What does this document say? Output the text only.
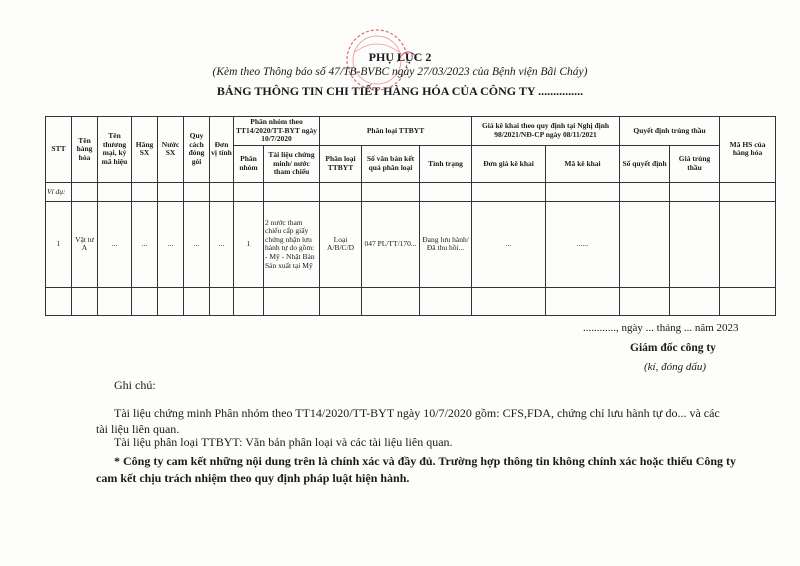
PHỤ LỤC 2
(Kèm theo Thông báo số 47/TB-BVBC ngày 27/03/2023 của Bệnh viện Bãi Cháy)
BẢNG THÔNG TIN CHI TIẾT HÀNG HÓA CỦA CÔNG TY ...............
STT	Tên hàng hóa	Tên thương mại, ký mã hiệu	Hãng SX	Nước SX	Quy cách đóng gói	Đơn vị tính	Phân nhóm theo TT14/2020/TT-BYT ngày 10/7/2020		Phân loại TTBYT			Giá kê khai theo quy định tại Nghị định 98/2021/NĐ-CP ngày 08/11/2021		Quyết định trúng thầu		Mã HS của hàng hóa
							Phân nhóm	Tài liệu chứng minh/ nước tham chiếu	Phân loại TTBYT	Số văn bản kết quả phân loại	Tình trạng	Đơn giá kê khai	Mã kê khai	Số quyết định	Giá trúng thầu	
Ví dụ:																
1	Vật tư A	...	...	...	...	...	1	2 nước tham chiếu cấp giấy chứng nhận lưu hành tự do gồm: - Mỹ - Nhật Bản Sản xuất tại Mỹ	Loại A/B/C/D	047 PL/TT/170...	Đang lưu hành/ Đã thu hồi...	...	......			

............, ngày ... tháng ... năm 2023
Giám đốc công ty
(kí, đóng dấu)

Ghi chú:

Tài liệu chứng minh Phân nhóm theo TT14/2020/TT-BYT ngày 10/7/2020 gồm: CFS,FDA, chứng chỉ lưu hành tự do... và các

tài liệu liên quan.

Tài liệu phân loại TTBYT: Văn bản phân loại và các tài liệu liên quan.

* Công ty cam kết những nội dung trên là chính xác và đầy đủ. Trường hợp thông tin không chính xác hoặc thiếu Công ty

cam kết chịu trách nhiệm theo quy định pháp luật hiện hành.
